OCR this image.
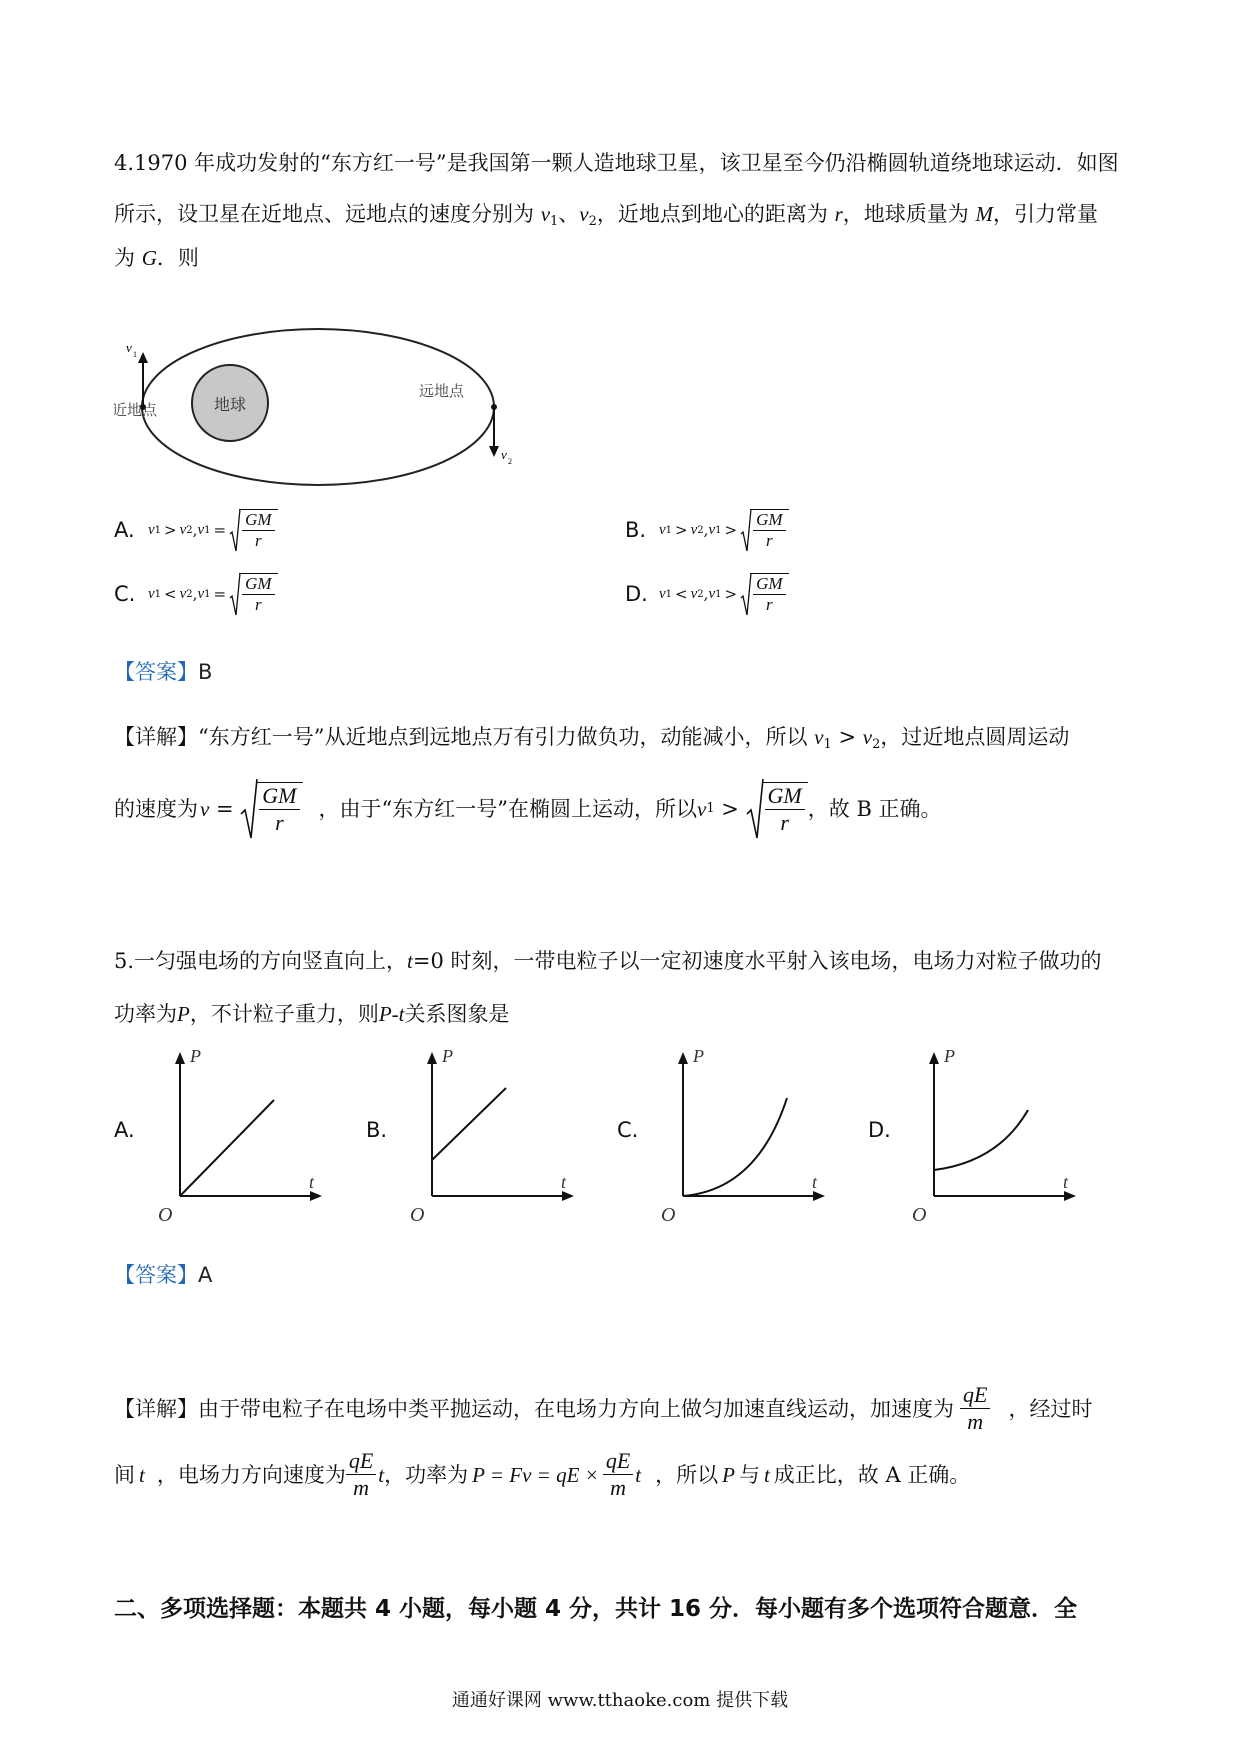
4.1970 年成功发射的“东方红一号”是我国第一颗人造地球卫星，该卫星至今仍沿椭圆轨道绕地球运动．如图
所示，设卫星在近地点、远地点的速度分别为 $v_1$、$v_2$，近地点到地心的距离为 r，地球质量为 M，引力常量
为 G．则
地球
v 1
近地点
v 2
远地点
A. v 1 > v 2 , v $1 = \frac{GM}{r}$	B. v 1 > v 2 , v $1 > \frac{GM}{r}$
C. v 1 < v 2 , v $1 = \frac{GM}{r}$	D. v 1 < v 2 , v $1 > \frac{GM}{r}$
【答案】B
【详解】“东方红一号”从近地点到远地点万有引力做负功，动能减小，所以 $v_1 > v_2$，过近地点圆周运动
的速度为 $v = \frac{GM}{r}$ ，由于“东方红一号”在椭圆上运动，所以 v $1 > \frac{GM}{r}$ ，故 B 正确。
5.一匀强电场的方向竖直向上，t=0 时刻，一带电粒子以一定初速度水平射入该电场，电场力对粒子做功的
功率为P，不计粒子重力，则P-t关系图象是
A.
P
t
O
B.
P
t
O
C.
P
t
O
D.
P
t
O
【答案】A
【详解】 由于带电粒子在电场中类平抛运动，在电场力方向上做匀加速直线运动，加速度为 $\frac{qE}{m}$ ，经过时
间 t ，电场力方向速度为 $\frac{qE}{m}$ t ，功率为 P = Fv = qE × $\frac{qE}{m}$ t ，所以 P 与 t 成正比，故 A 正确。
二、多项选择题：本题共 4 小题，每小题 4 分，共计 16 分．每小题有多个选项符合题意．全
通通好课网 www.tthaoke.com 提供下载
